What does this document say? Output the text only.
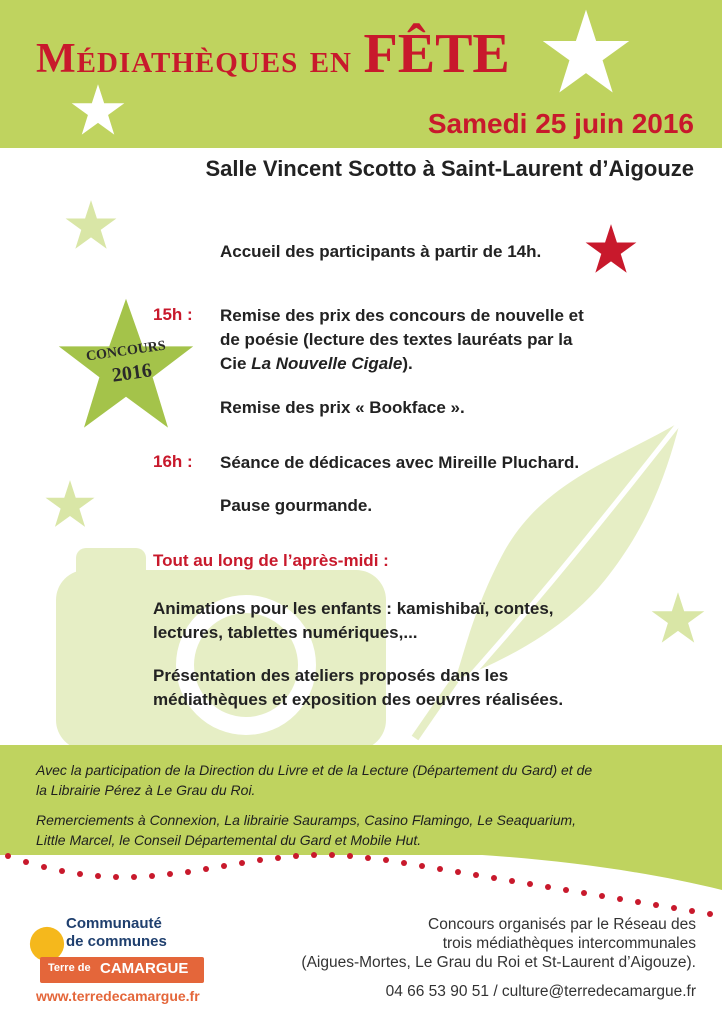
Médiathèques en FÊTE
Samedi 25 juin 2016
Salle Vincent Scotto à Saint-Laurent d’Aigouze
CONCOURS
2016
Accueil des participants à partir de 14h.
15h : Remise des prix des concours de nouvelle et
de poésie (lecture des textes lauréats par la
Cie La Nouvelle Cigale).
Remise des prix « Bookface ».
16h : Séance de dédicaces avec Mireille Pluchard.
Pause gourmande.
Tout au long de l’après-midi :
Animations pour les enfants : kamishibaï, contes,
lectures, tablettes numériques,...
Présentation des ateliers proposés dans les
médiathèques et exposition des oeuvres réalisées.
Avec la participation de la Direction du Livre et de la Lecture (Département du Gard) et de
la Librairie Pérez à Le Grau du Roi.
Remerciements à Connexion, La librairie Sauramps, Casino Flamingo, Le Seaquarium,
Little Marcel, le Conseil Départemental du Gard et Mobile Hut.
Communauté
de communes
Terre de CAMARGUE
www.terredecamargue.fr
Concours organisés par le Réseau des
trois médiathèques intercommunales
(Aigues-Mortes, Le Grau du Roi et St-Laurent d’Aigouze).
04 66 53 90 51 / culture@terredecamargue.fr
